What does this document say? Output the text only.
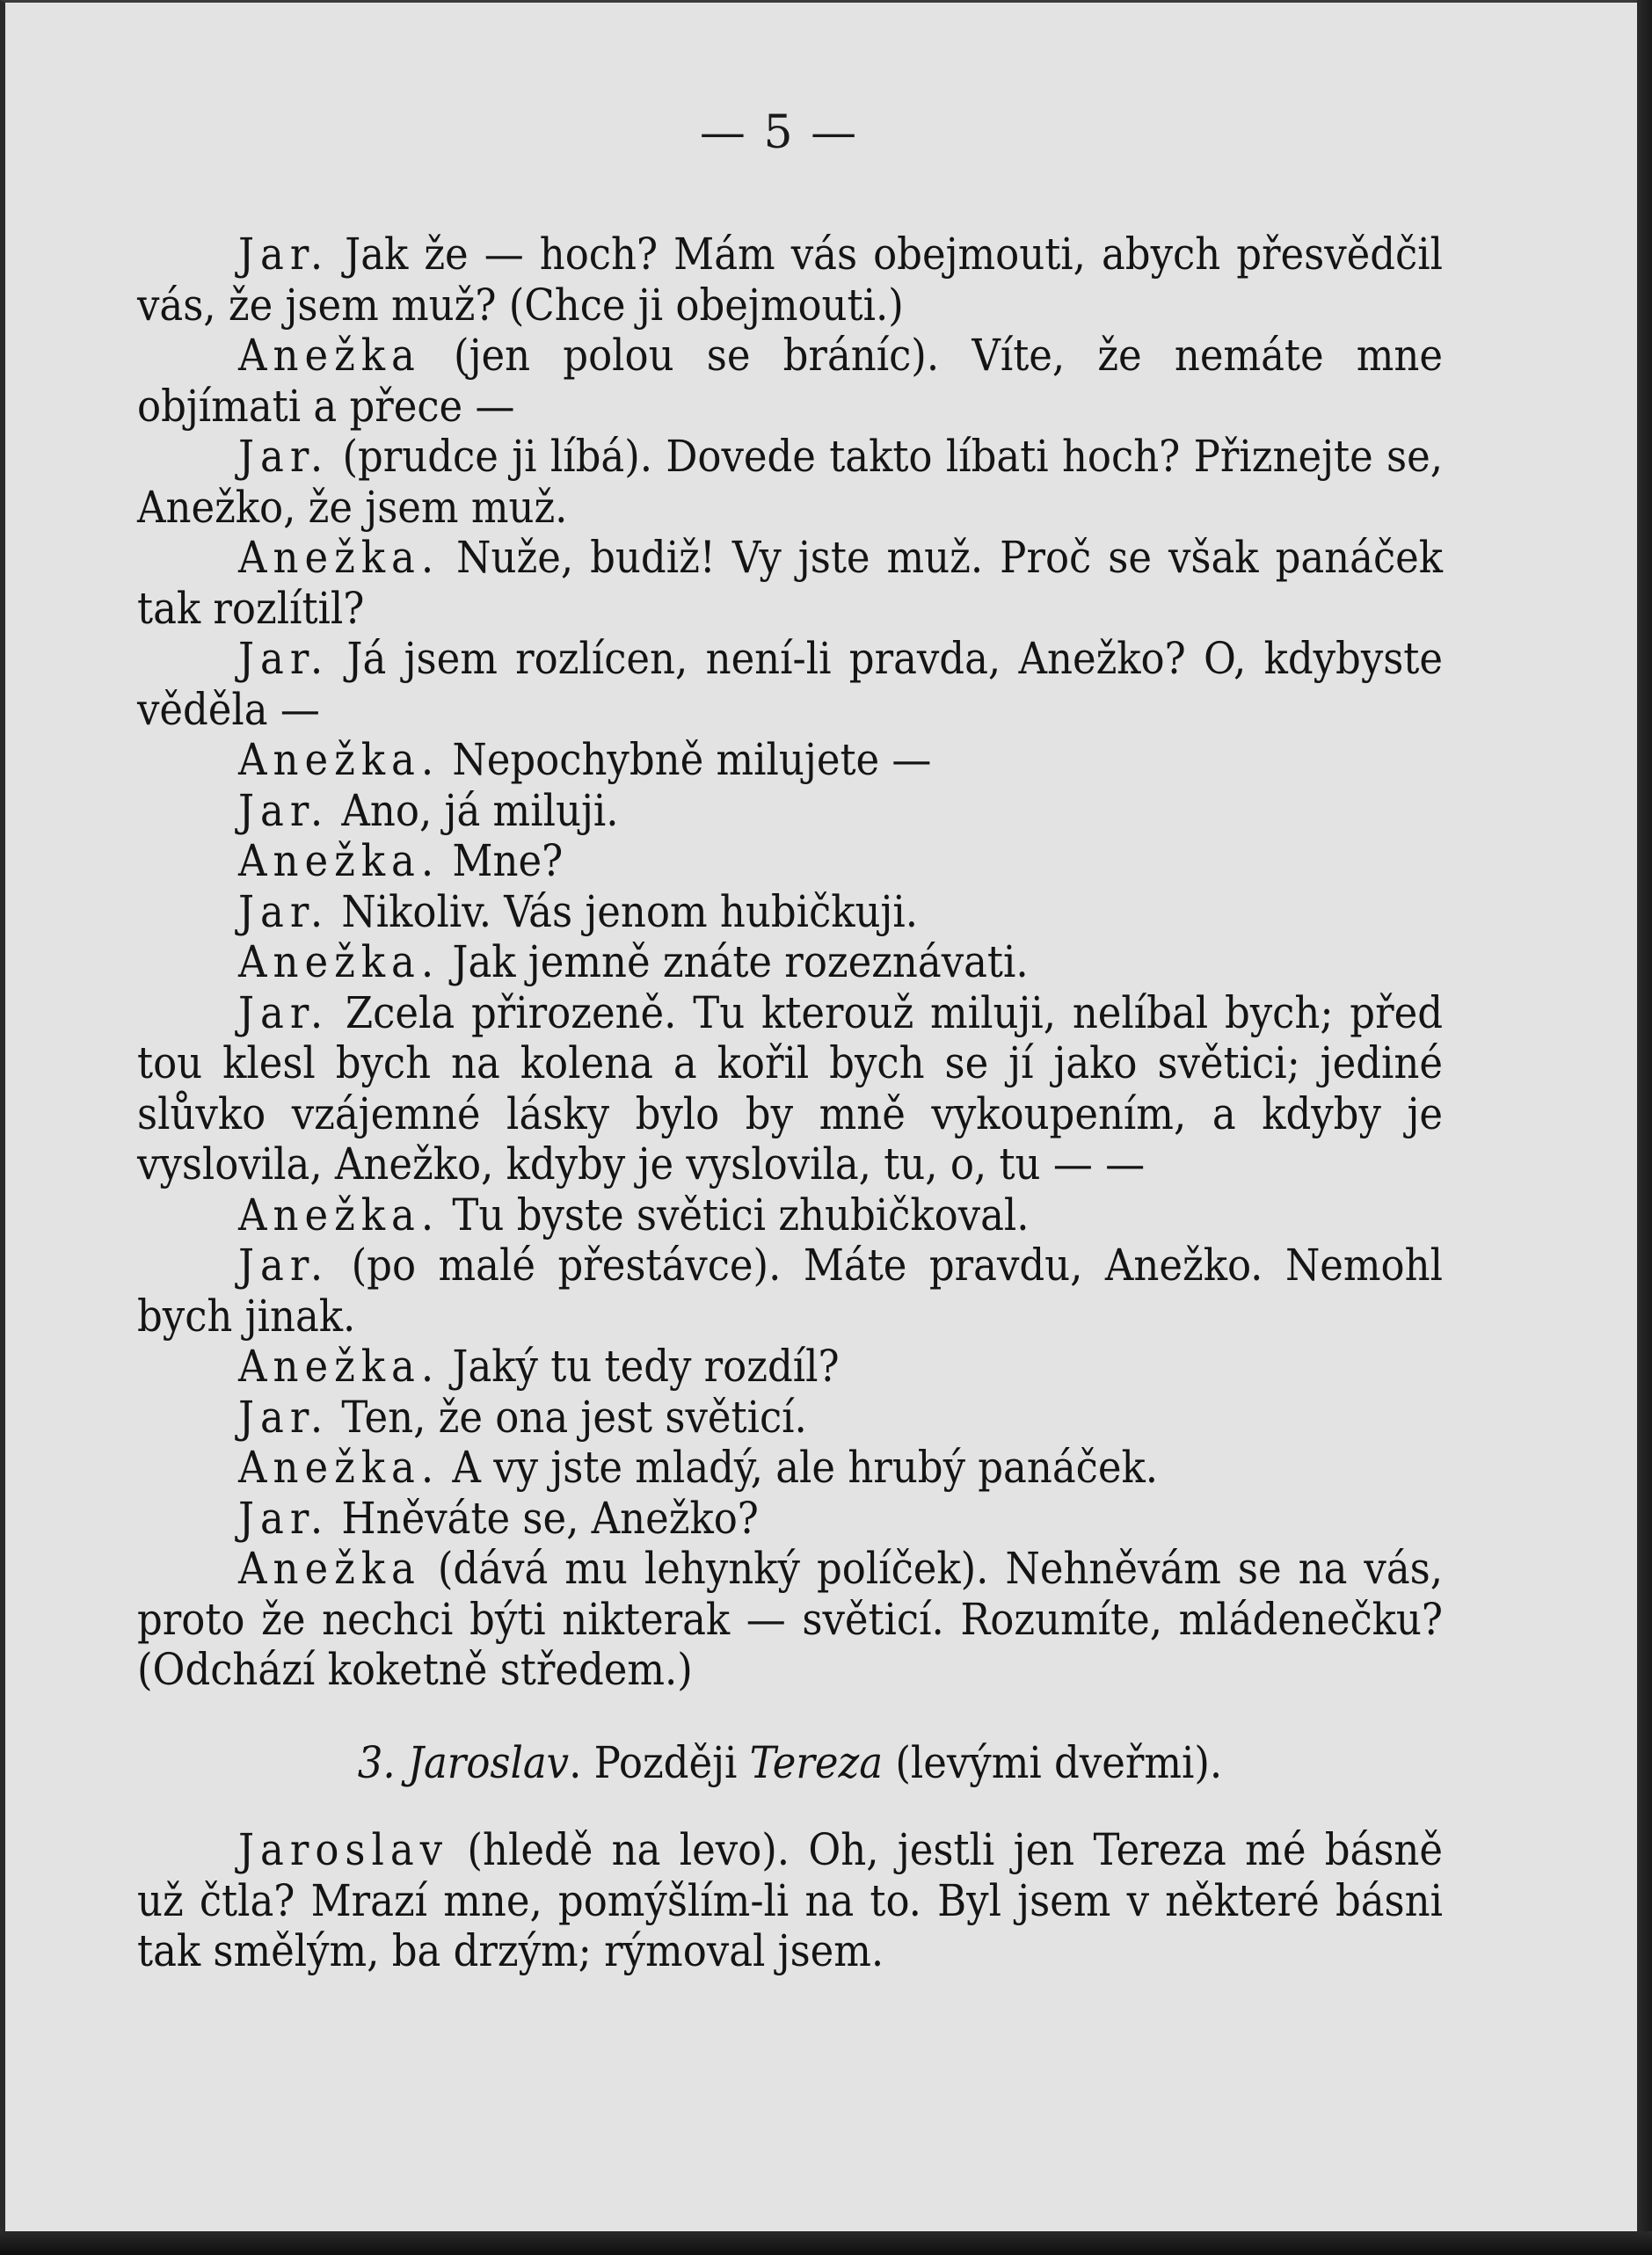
— 5 —

Jar. Jak že — hoch? Mám vás obejmouti, abych přesvědčil vás, že jsem muž? (Chce ji obejmouti.)

Anežka (jen polou se bráníc). Víte, že nemáte mne objímati a přece —

Jar. (prudce ji líbá). Dovede takto líbati hoch? Přiznejte se, Anežko, že jsem muž.

Anežka. Nuže, budiž! Vy jste muž. Proč se však panáček tak rozlítil?

Jar. Já jsem rozlícen, není-li pravda, Anežko? O, kdybyste věděla —

Anežka. Nepochybně milujete —

Jar. Ano, já miluji.

Anežka. Mne?

Jar. Nikoliv. Vás jenom hubičkuji.

Anežka. Jak jemně znáte rozeznávati.

Jar. Zcela přirozeně. Tu kterouž miluji, nelíbal bych; před tou klesl bych na kolena a kořil bych se jí jako světici; jediné slůvko vzájemné lásky bylo by mně vykoupením, a kdyby je vyslovila, Anežko, kdyby je vyslovila, tu, o, tu — —

Anežka. Tu byste světici zhubičkoval.

Jar. (po malé přestávce). Máte pravdu, Anežko. Nemohl bych jinak.

Anežka. Jaký tu tedy rozdíl?

Jar. Ten, že ona jest světicí.

Anežka. A vy jste mladý, ale hrubý panáček.

Jar. Hněváte se, Anežko?

Anežka (dává mu lehynký políček). Nehněvám se na vás, proto že nechci býti nikterak — světicí. Rozumíte, mládenečku? (Odchází koketně středem.)

3. Jaroslav. Později Tereza (levými dveřmi).

Jaroslav (hledě na levo). Oh, jestli jen Tereza mé básně už čtla? Mrazí mne, pomýšlím-li na to. Byl jsem v některé básni tak smělým, ba drzým; rýmoval jsem.
